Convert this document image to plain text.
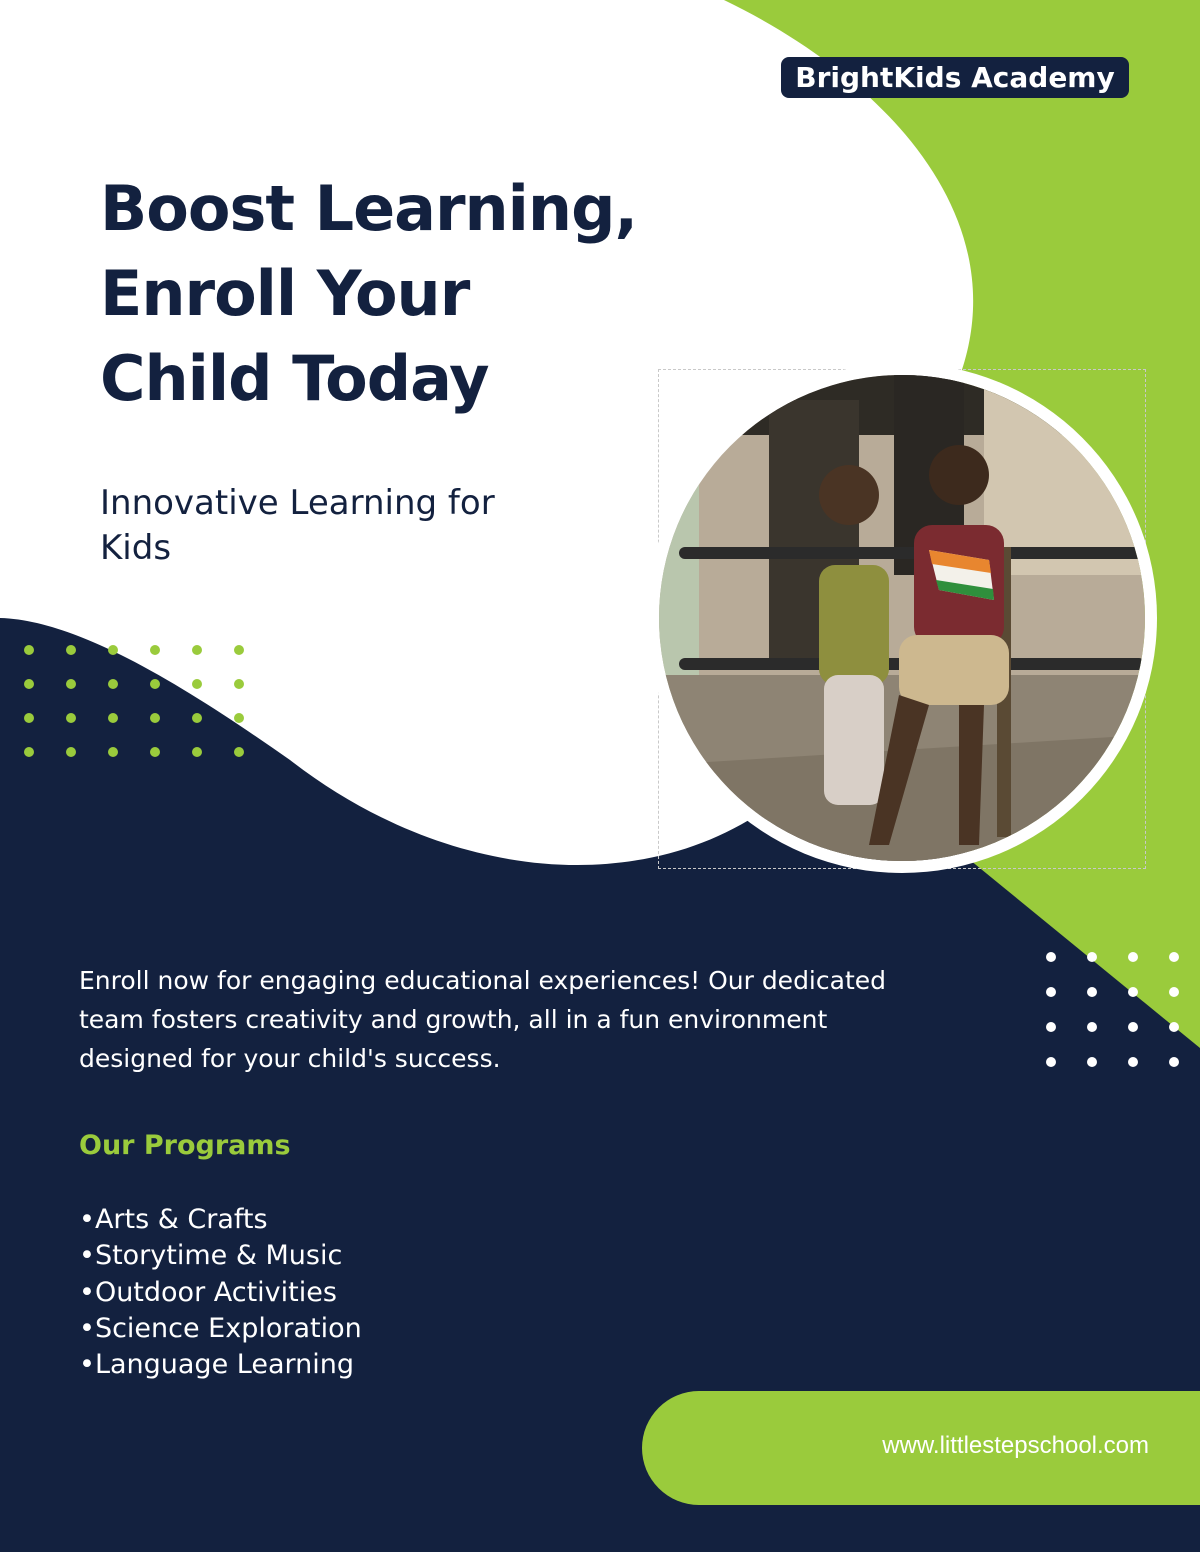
BrightKids Academy
Boost Learning,
Enroll Your
Child Today

Innovative Learning for Kids

Enroll now for engaging educational experiences! Our dedicated team fosters creativity and growth, all in a fun environment designed for your child's success.

Our Programs
• Arts & Crafts
• Storytime & Music
• Outdoor Activities
• Science Exploration
• Language Learning

www.littlestepschool.com
